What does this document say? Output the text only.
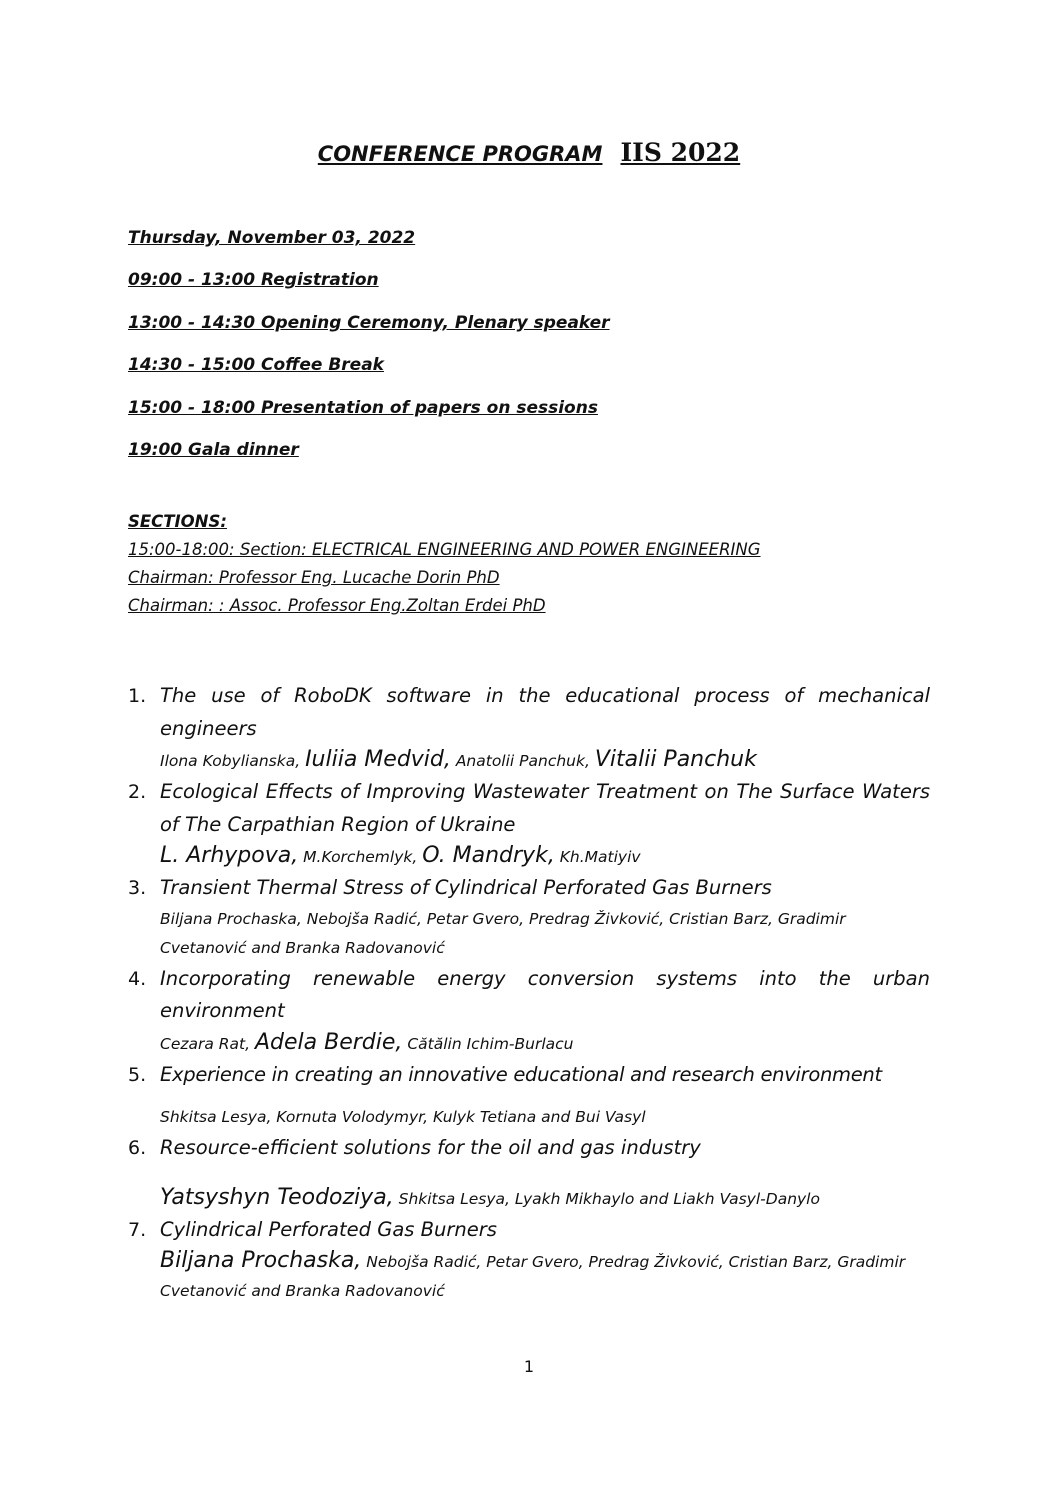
CONFERENCE PROGRAM IIS 2022
Thursday, November 03, 2022
09:00 - 13:00 Registration
13:00 - 14:30 Opening Ceremony, Plenary speaker
14:30 - 15:00 Coffee Break
15:00 - 18:00 Presentation of papers on sessions
19:00 Gala dinner
SECTIONS:
15:00-18:00: Section: ELECTRICAL ENGINEERING AND POWER ENGINEERING
Chairman: Professor Eng. Lucache Dorin PhD
Chairman: : Assoc. Professor Eng.Zoltan Erdei PhD
1. The use of RoboDK software in the educational process of mechanical engineers
Ilona Kobylianska, Iuliia Medvid, Anatolii Panchuk, Vitalii Panchuk
2. Ecological Effects of Improving Wastewater Treatment on The Surface Waters of The Carpathian Region of Ukraine
L. Arhypova, M.Korchemlyk, O. Mandryk, Kh.Matiyiv
3. Transient Thermal Stress of Cylindrical Perforated Gas Burners
Biljana Prochaska, Nebojša Radić, Petar Gvero, Predrag Živković, Cristian Barz, Gradimir Cvetanović and Branka Radovanović
4. Incorporating renewable energy conversion systems into the urban environment
Cezara Rat, Adela Berdie, Cătălin Ichim-Burlacu
5. Experience in creating an innovative educational and research environment
Shkitsa Lesya, Kornuta Volodymyr, Kulyk Tetiana and Bui Vasyl
6. Resource-efficient solutions for the oil and gas industry
Yatsyshyn Teodoziya, Shkitsa Lesya, Lyakh Mikhaylo and Liakh Vasyl-Danylo
7. Cylindrical Perforated Gas Burners
Biljana Prochaska, Nebojša Radić, Petar Gvero, Predrag Živković, Cristian Barz, Gradimir Cvetanović and Branka Radovanović
1
